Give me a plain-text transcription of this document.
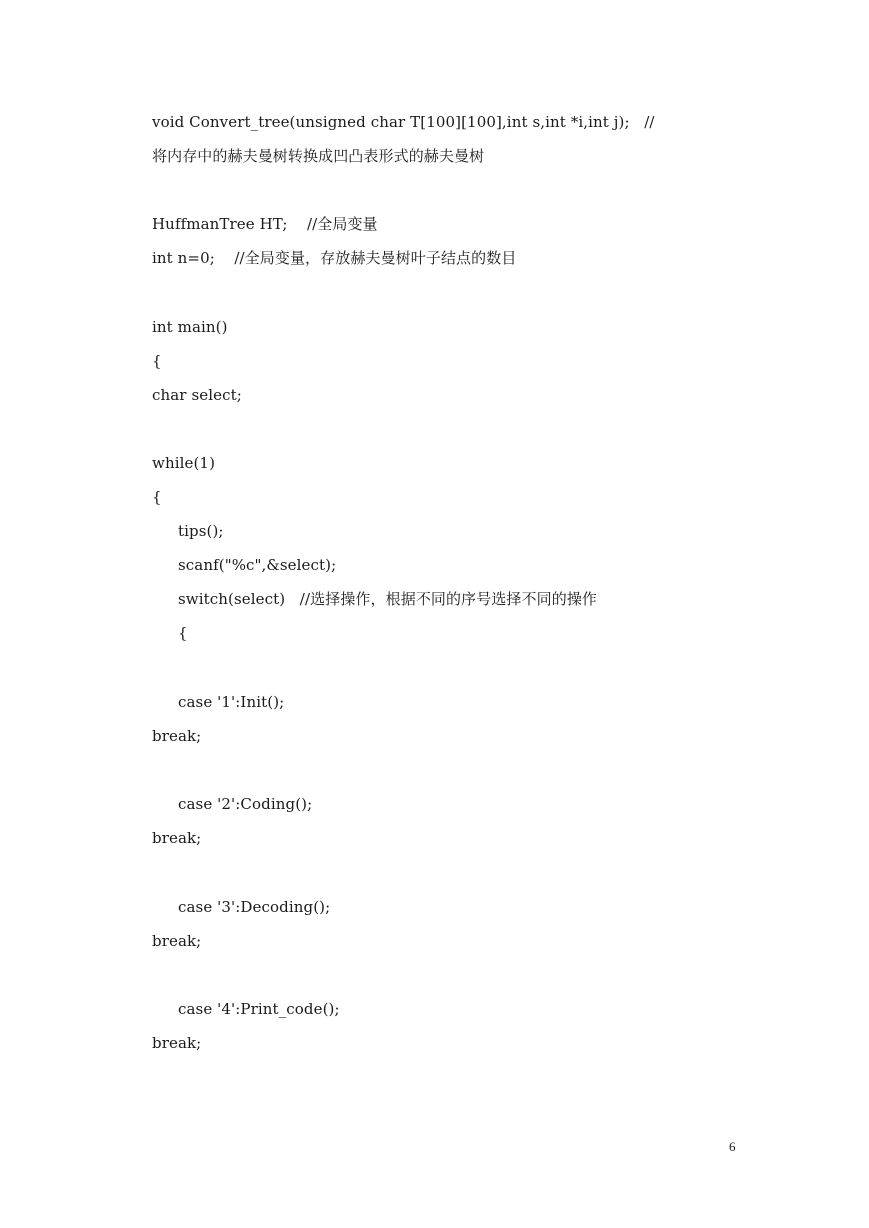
void Convert_tree(unsigned char T[100][100],int s,int *i,int j);   //
将内存中的赫夫曼树转换成凹凸表形式的赫夫曼树
HuffmanTree HT;    //全局变量
int n=0;    //全局变量，存放赫夫曼树叶子结点的数目
int main()
{
char select;
while(1)
{
tips();
scanf("%c",&select);
switch(select)   //选择操作，根据不同的序号选择不同的操作
{
case '1':Init();
break;
case '2':Coding();
break;
case '3':Decoding();
break;
case '4':Print_code();
break;
6
